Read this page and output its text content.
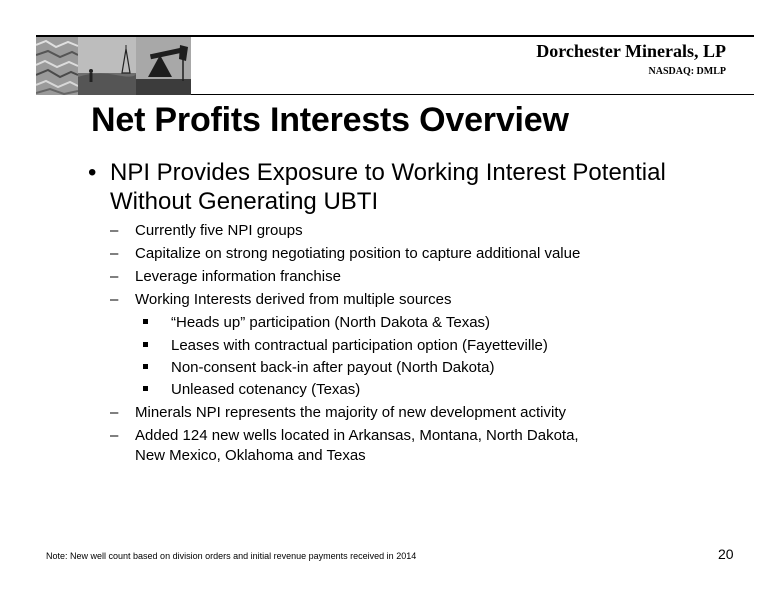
Dorchester Minerals, LP
NASDAQ: DMLP
Net Profits Interests Overview
• NPI Provides Exposure to Working Interest Potential
Without Generating UBTI
– Currently five NPI groups
– Capitalize on strong negotiating position to capture additional value
– Leverage information franchise
– Working Interests derived from multiple sources
“Heads up” participation (North Dakota & Texas)
Leases with contractual participation option (Fayetteville)
Non-consent back-in after payout (North Dakota)
Unleased cotenancy (Texas)
– Minerals NPI represents the majority of new development activity
– Added 124 new wells located in Arkansas, Montana, North Dakota,
New Mexico, Oklahoma and Texas
Note: New well count based on division orders and initial revenue payments received in 2014	20
